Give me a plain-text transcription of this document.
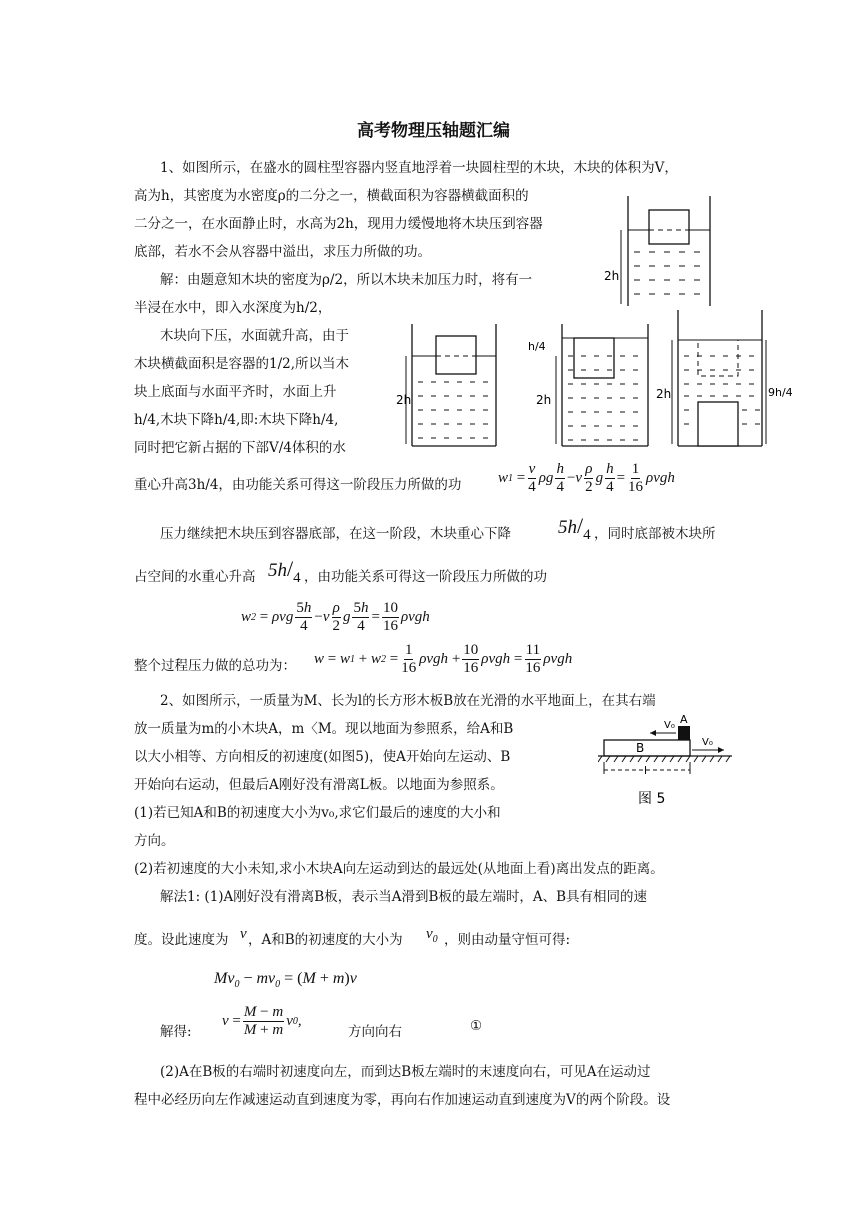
高考物理压轴题汇编
1、如图所示，在盛水的圆柱型容器内竖直地浮着一块圆柱型的木块，木块的体积为V，
高为h，其密度为水密度ρ的二分之一，横截面积为容器横截面积的
二分之一，在水面静止时，水高为2h，现用力缓慢地将木块压到容器
底部，若水不会从容器中溢出，求压力所做的功。
解：由题意知木块的密度为ρ/2，所以木块未加压力时，将有一
半浸在水中，即入水深度为h/2，
木块向下压，水面就升高，由于
木块横截面积是容器的1/2,所以当木
块上底面与水面平齐时，水面上升
h/4,木块下降h/4,即:木块下降h/4,
同时把它新占据的下部V/4体积的水
重心升高3h/4，由功能关系可得这一阶段压力所做的功 w 1
= $\frac{v}{4}$ ρg $\frac{h}{4} - v \frac{\rho}{2}$ g $\frac{h}{4} = \frac{1}{16}$ ρvgh
压力继续把木块压到容器底部，在这一阶段，木块重心下降 $5h/_4$ ，同时底部被木块所
占空间的水重心升高 $5h/_4$ ，由功能关系可得这一阶段压力所做的功
w 2
= ρvg $\frac{5h}{4} - v \frac{\rho}{2}$ g $\frac{5h}{4} = \frac{10}{16}$ ρvgh
整个过程压力做的总功为： w = w 1
+ w 2
= $\frac{1}{16}$ $\rho vgh + \frac{10}{16}$ $\rho vgh = \frac{11}{16}$ ρvgh
2h
2h
h/4
2h	2h	9h/4
2、如图所示，一质量为M、长为l的长方形木板B放在光滑的水平地面上，在其右端
放一质量为m的小木块A，m〈M。现以地面为参照系，给A和B
以大小相等、方向相反的初速度(如图5)，使A开始向左运动、B
开始向右运动，但最后A刚好没有滑离L板。以地面为参照系。
(1)若已知A和B的初速度大小为v₀,求它们最后的速度的大小和
方向。
(2)若初速度的大小未知,求小木块A向左运动到达的最远处(从地面上看)离出发点的距离。
解法1: (1)A刚好没有滑离B板，表示当A滑到B板的最左端时，A、B具有相同的速
度。设此速度为 v ，A和B的初速度的大小为 $v_0$ ，则由动量守恒可得:
$Mv_0 - mv_0 = (M + m)v$
解得:
$v = \frac{M - m}{M + m}$ v 0 ,
方向向右	①
(2)A在B板的右端时初速度向左，而到达B板左端时的末速度向右，可见A在运动过
程中必经历向左作减速运动直到速度为零，再向右作加速运动直到速度为V的两个阶段。设
A
B
V₀
V₀
l
图 5
